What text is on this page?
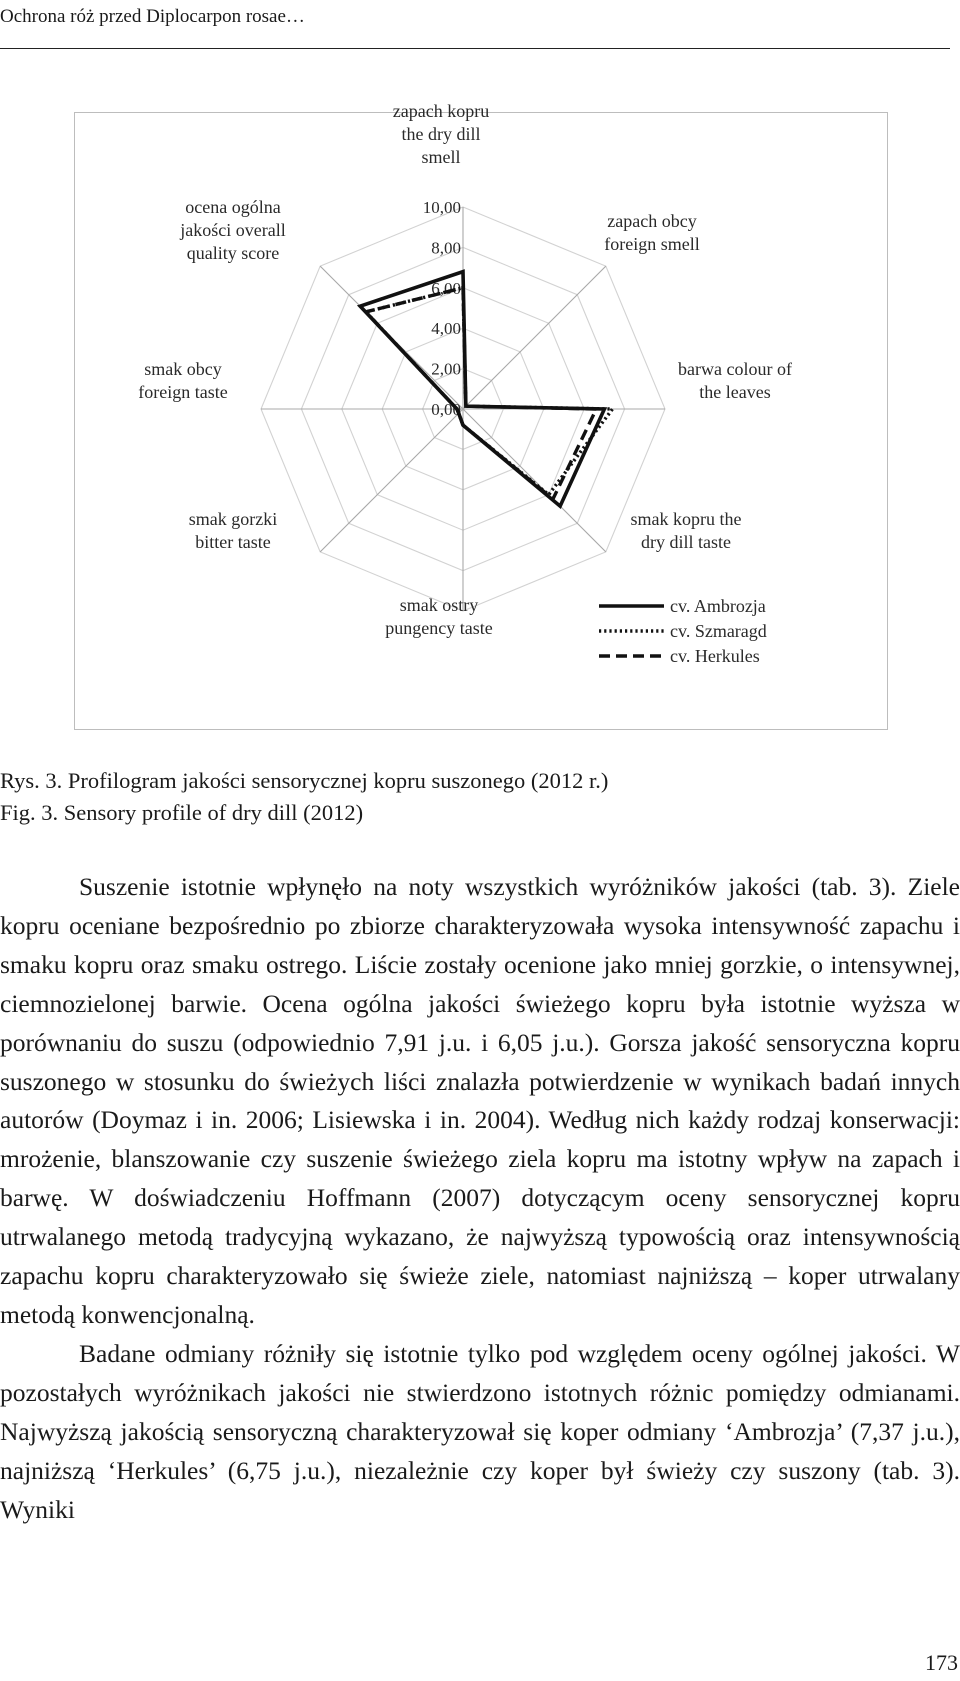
Ochrona róż przed Diplocarpon rosae…
0,00
2,00
4,00
6,00
8,00
10,00
zapach kopru
the dry dill
smell
zapach obcy
foreign smell
barwa colour of
the leaves
smak kopru the
dry dill taste
smak ostry
pungency taste
smak gorzki
bitter taste
smak obcy
foreign taste
ocena ogólna
jakości overall
quality score
cv. Ambrozja
cv. Szmaragd
cv. Herkules
Rys. 3. Profilogram jakości sensorycznej kopru suszonego (2012 r.)
Fig. 3. Sensory profile of dry dill (2012)

Suszenie istotnie wpłynęło na noty wszystkich wyróżników jakości (tab. 3). Ziele kopru oceniane bezpośrednio po zbiorze charakteryzowała wysoka intensywność zapachu i smaku kopru oraz smaku ostrego. Liście zostały ocenione jako mniej gorzkie, o intensywnej, ciemnozielonej barwie. Ocena ogólna jakości świeżego kopru była istotnie wyższa w porównaniu do suszu (odpowiednio 7,91 j.u. i 6,05 j.u.). Gorsza jakość sensoryczna kopru suszonego w stosunku do świeżych liści znalazła potwierdzenie w wynikach badań innych autorów (Doymaz i in. 2006; Lisiewska i in. 2004). Według nich każdy rodzaj konserwacji: mrożenie, blanszowanie czy suszenie świeżego ziela kopru ma istotny wpływ na zapach i barwę. W doświadczeniu Hoffmann (2007) dotyczącym oceny sensorycznej kopru utrwalanego metodą tradycyjną wykazano, że najwyższą typowością oraz intensywnością zapachu kopru charakteryzowało się świeże ziele, natomiast najniższą – koper utrwalany metodą konwencjonalną.

Badane odmiany różniły się istotnie tylko pod względem oceny ogólnej jakości. W pozostałych wyróżnikach jakości nie stwierdzono istotnych różnic pomiędzy odmianami. Najwyższą jakością sensoryczną charakteryzował się koper odmiany ‘Ambrozja’ (7,37 j.u.), najniższą ‘Herkules’ (6,75 j.u.), niezależnie czy koper był świeży czy suszony (tab. 3). Wyniki

173
